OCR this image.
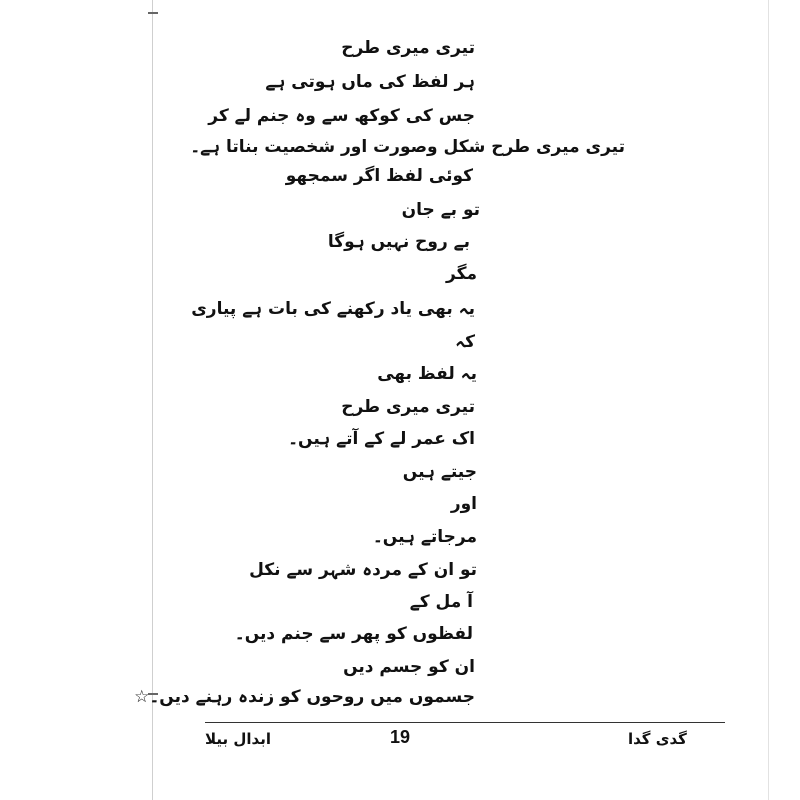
تیری میری طرح
ہر لفظ کی ماں ہوتی ہے
جس کی کوکھ سے وہ جنم لے کر
تیری میری طرح شکل وصورت اور شخصیت بناتا ہے۔
کوئی لفظ اگر سمجھو
تو بے جان
بے روح نہیں ہوگا
مگر
یہ بھی یاد رکھنے کی بات ہے پیاری
کہ
یہ لفظ بھی
تیری میری طرح
اک عمر لے کے آتے ہیں۔
جیتے ہیں
اور
مرجاتے ہیں۔
تو ان کے مردہ شہر سے نکل
آ مل کے
لفظوں کو پھر سے جنم دیں۔
ان کو جسم دیں
جسموں میں روحوں کو زندہ رہنے دیں۔☆
گدی گدا
19
ابدال بیلا
